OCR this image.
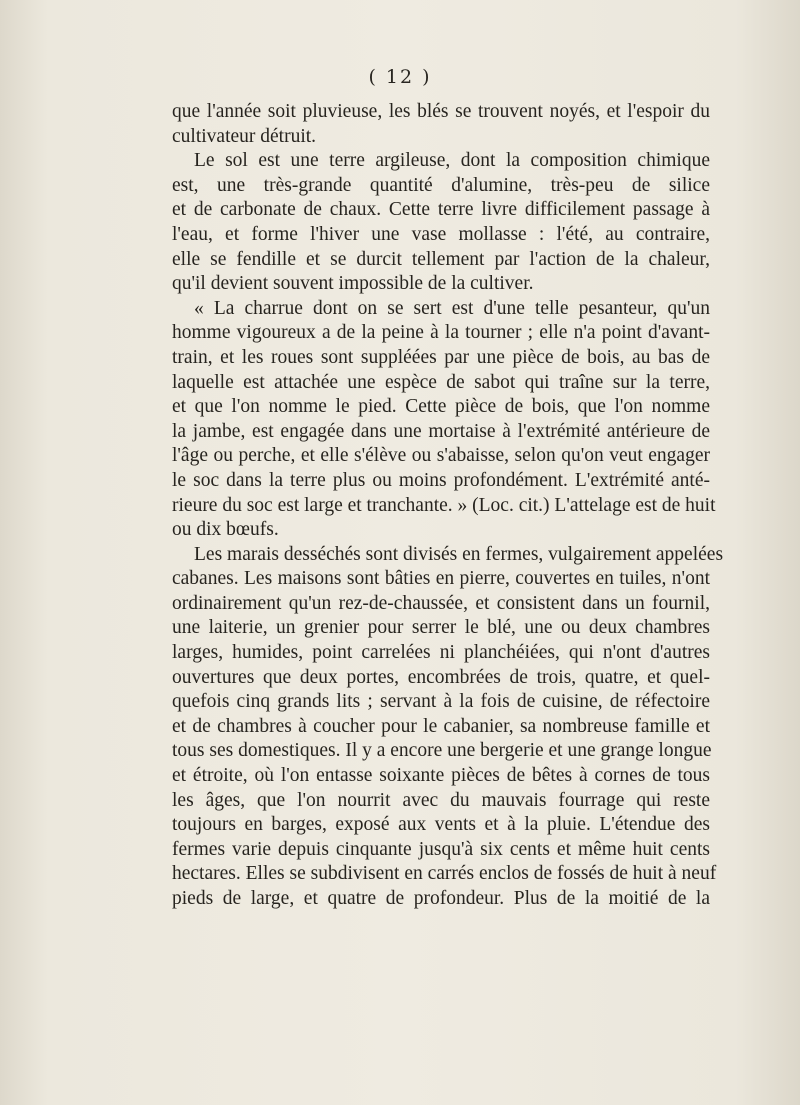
( 12 )
que l'année soit pluvieuse, les blés se trouvent noyés, et l'espoir du
cultivateur détruit.
Le sol est une terre argileuse, dont la composition chimique
est, une très-grande quantité d'alumine, très-peu de silice
et de carbonate de chaux. Cette terre livre difficilement passage à
l'eau, et forme l'hiver une vase mollasse : l'été, au contraire,
elle se fendille et se durcit tellement par l'action de la chaleur,
qu'il devient souvent impossible de la cultiver.
« La charrue dont on se sert est d'une telle pesanteur, qu'un
homme vigoureux a de la peine à la tourner ; elle n'a point d'avant-
train, et les roues sont suppléées par une pièce de bois, au bas de
laquelle est attachée une espèce de sabot qui traîne sur la terre,
et que l'on nomme le pied. Cette pièce de bois, que l'on nomme
la jambe, est engagée dans une mortaise à l'extrémité antérieure de
l'âge ou perche, et elle s'élève ou s'abaisse, selon qu'on veut engager
le soc dans la terre plus ou moins profondément. L'extrémité anté-
rieure du soc est large et tranchante. » (Loc. cit.) L'attelage est de huit
ou dix bœufs.
Les marais desséchés sont divisés en fermes, vulgairement appelées
cabanes. Les maisons sont bâties en pierre, couvertes en tuiles, n'ont
ordinairement qu'un rez-de-chaussée, et consistent dans un fournil,
une laiterie, un grenier pour serrer le blé, une ou deux chambres
larges, humides, point carrelées ni planchéiées, qui n'ont d'autres
ouvertures que deux portes, encombrées de trois, quatre, et quel-
quefois cinq grands lits ; servant à la fois de cuisine, de réfectoire
et de chambres à coucher pour le cabanier, sa nombreuse famille et
tous ses domestiques. Il y a encore une bergerie et une grange longue
et étroite, où l'on entasse soixante pièces de bêtes à cornes de tous
les âges, que l'on nourrit avec du mauvais fourrage qui reste
toujours en barges, exposé aux vents et à la pluie. L'étendue des
fermes varie depuis cinquante jusqu'à six cents et même huit cents
hectares. Elles se subdivisent en carrés enclos de fossés de huit à neuf
pieds de large, et quatre de profondeur. Plus de la moitié de la
